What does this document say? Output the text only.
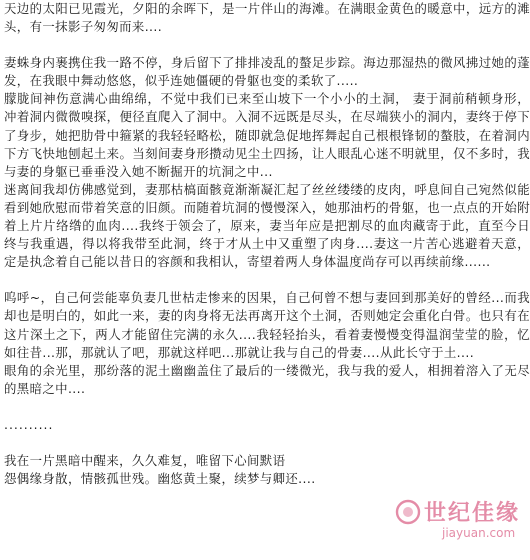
天边的太阳已见霞光，夕阳的余晖下，是一片伴山的海滩。在满眼金黄色的暖意中，远方的滩头，有一抹影子匆匆而来....

妻蛛身内裹携住我一路不停，身后留下了排排凌乱的螯足步踪。海边那湿热的微风拂过她的蓬发，在我眼中舞动悠悠，似乎连她僵硬的骨躯也变的柔软了.....

朦胧间神伤意满心曲绵绵，不觉中我们已来至山坡下一个小小的土洞， 妻于洞前稍顿身形，冲着洞内微微嗅探，便径直爬入了洞中。入洞不远既是尽头，在尽端狭小的洞内，妻终于停下了身步，她把肋骨中箍紧的我轻轻略松，随即就急促地挥舞起自己根根锋韧的螯肢，在着洞内下方飞快地刨起土来。当刻间妻身形攒动见尘土四扬，让人眼乱心迷不明就里，仅不多时，我与妻的身躯已垂垂没入她不断掘开的坑洞之中...

迷离间我却仿佛感觉到，妻那枯槁面骸竟渐渐凝汇起了丝丝缕缕的皮肉，呼息间自己宛然似能看到她欣慰而带着笑意的旧颜。而随着坑洞的慢慢深入，她那油朽的骨躯，也一点点的开始附着上片片络绺的血肉....我终于领会了，原来，妻当年应是把割尽的血肉藏寄于此，直至今日终与我重遇，得以将我带至此洞，终于才从土中又重塑了肉身....妻这一片苦心逃避着天意，定是执念着自己能以昔日的容颜和我相认，寄望着两人身体温度尚存可以再续前缘......

呜呼~，自己何尝能辜负妻几世枯走惨来的因果，自己何曾不想与妻回到那美好的曾经...而我却也是明白的，如此一来，妻的肉身将无法再离开这个土洞，否则她定会重化白骨。也只有在这片深土之下，两人才能留住完满的永久....我轻轻抬头，看着妻慢慢变得温润莹莹的脸，忆如往昔...那，那就认了吧，那就这样吧...那就让我与自己的骨妻....从此长守于土....

眼角的余光里，那纷落的泥土幽幽盖住了最后的一缕微光，我与我的爱人，相拥着溶入了无尽的黑暗之中....

..........

我在一片黑暗中醒来，久久难复，唯留下心间默语

怨偶缘身散，情骸孤世残。幽悠黄土聚，续梦与卿还....

世纪佳缘
jiayuan.com
